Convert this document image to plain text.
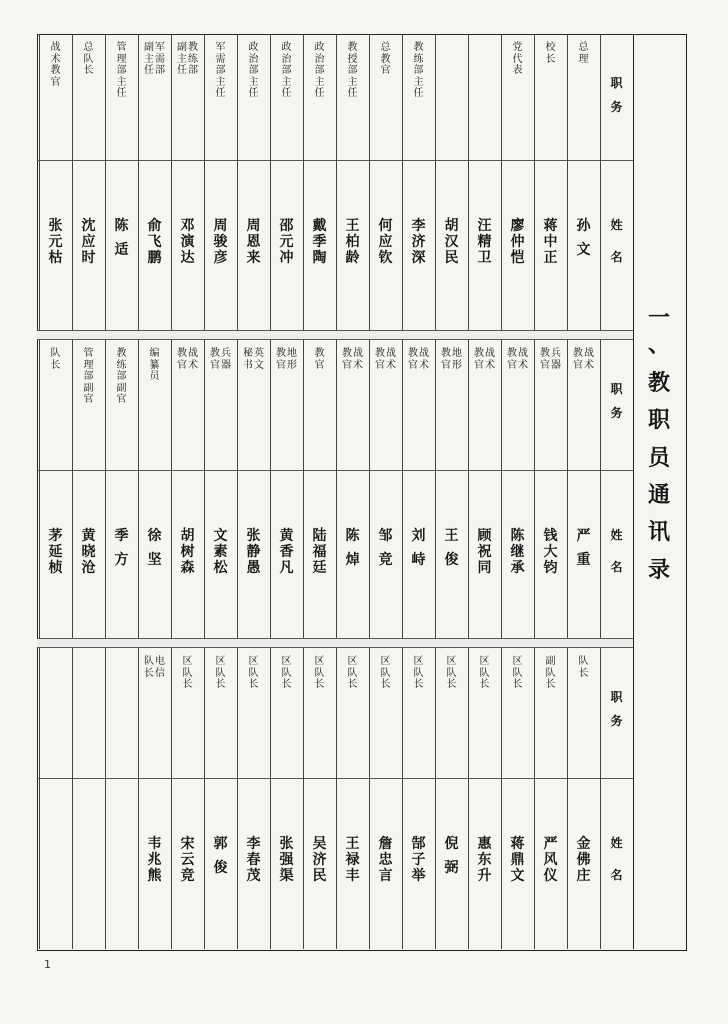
一
、
教
职
员
通
讯
录
职
务
姓
名
总
理
孙
文
校
长
蒋
中
正
党
代
表
廖
仲
恺
汪
精
卫
胡
汉
民
教
练
部
主
任
李
济
深
总
教
官
何
应
钦
教
授
部
主
任
王
柏
龄
政
治
部
主
任
戴
季
陶
政
治
部
主
任
邵
元
冲
政
治
部
主
任
周
恩
来
军
需
部
主
任
周
骏
彦
教
练
部
副
主
任
邓
演
达
军
需
部
副
主
任
俞
飞
鹏
管
理
部
主
任
陈
适
总
队
长
沈
应
时
战
术
教
官
张
元
枯
职
务
姓
名
战
术
教
官
严
重
兵
器
教
官
钱
大
钧
战
术
教
官
陈
继
承
战
术
教
官
顾
祝
同
地
形
教
官
王
俊
战
术
教
官
刘
峙
战
术
教
官
邹
竞
战
术
教
官
陈
焯
教
官
陆
福
廷
地
形
教
官
黄
香
凡
英
文
秘
书
张
静
愚
兵
器
教
官
文
素
松
战
术
教
官
胡
树
森
编
纂
员
徐
坚
教
练
部
副
官
季
方
管
理
部
副
官
黄
晓
沧
队
长
茅
延
桢
职
务
姓
名
队
长
金
佛
庄
副
队
长
严
风
仪
区
队
长
蒋
鼎
文
区
队
长
惠
东
升
区
队
长
倪
弼
区
队
长
郜
子
举
区
队
长
詹
忠
言
区
队
长
王
禄
丰
区
队
长
吴
济
民
区
队
长
张
强
渠
区
队
长
李
春
茂
区
队
长
郭
俊
区
队
长
宋
云
竞
电
信
队
长
韦
兆
熊
1
